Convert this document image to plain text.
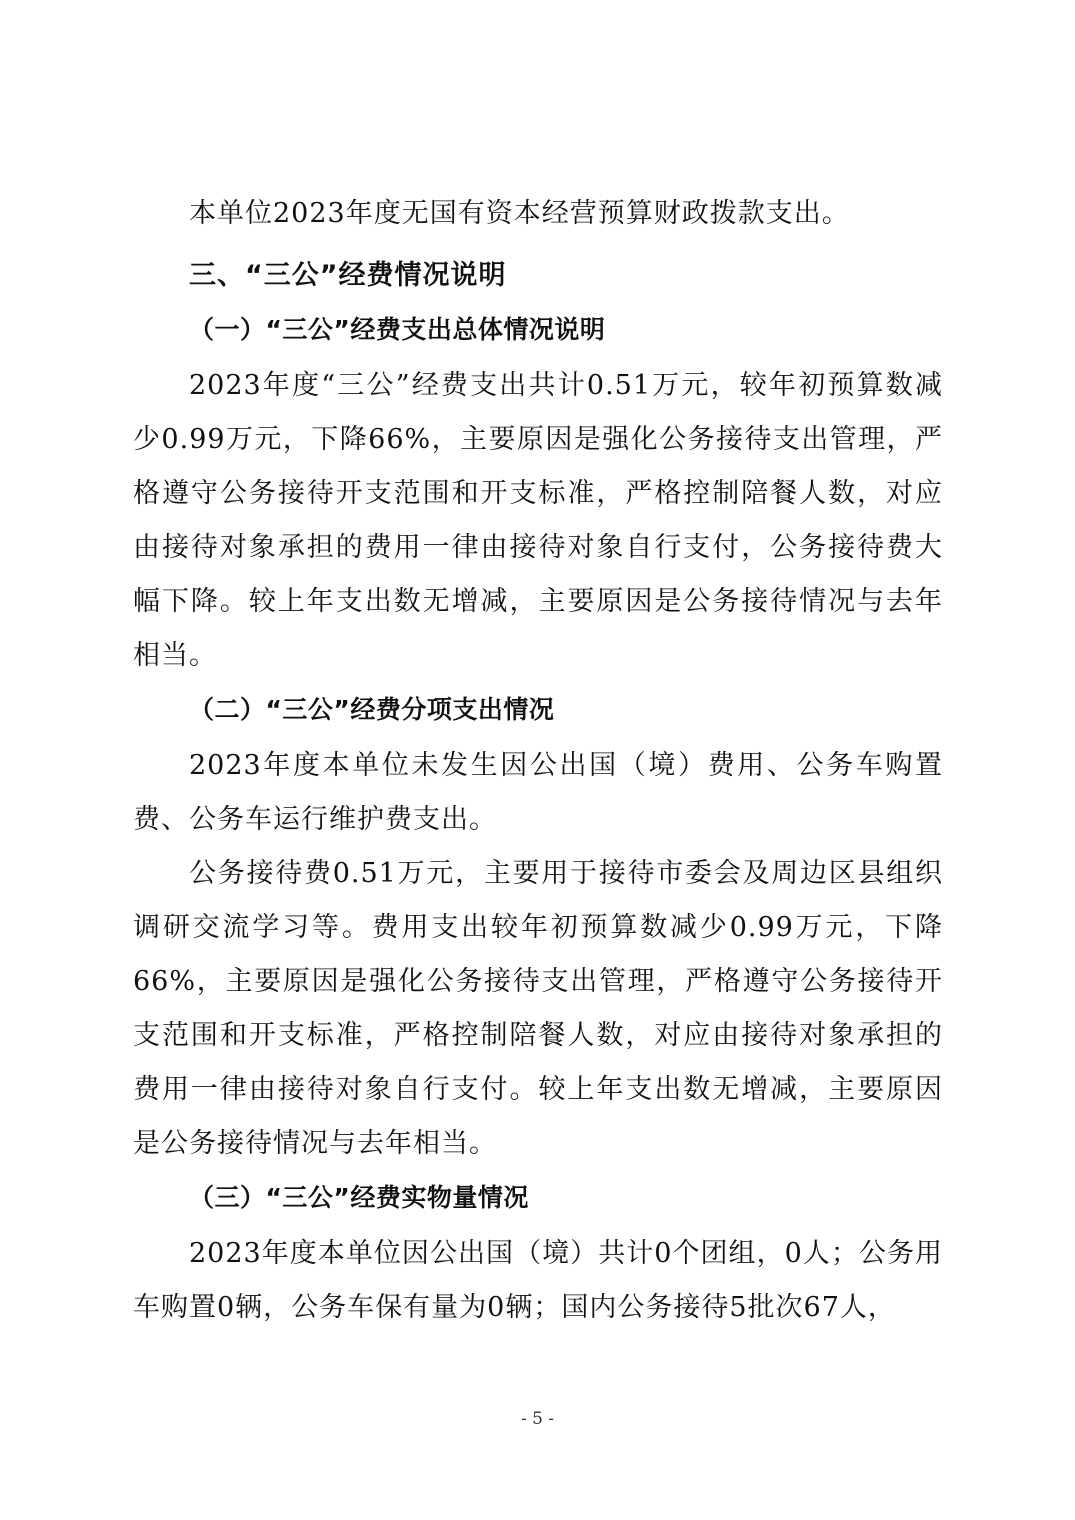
本单位2023年度无国有资本经营预算财政拨款支出。

三、“三公”经费情况说明

（一）“三公”经费支出总体情况说明

2023年度“三公”经费支出共计0.51万元，较年初预算数减少0.99万元，下降66%，主要原因是强化公务接待支出管理，严格遵守公务接待开支范围和开支标准，严格控制陪餐人数，对应由接待对象承担的费用一律由接待对象自行支付，公务接待费大幅下降。较上年支出数无增减，主要原因是公务接待情况与去年相当。

（二）“三公”经费分项支出情况

2023年度本单位未发生因公出国（境）费用、公务车购置费、公务车运行维护费支出。

公务接待费0.51万元，主要用于接待市委会及周边区县组织调研交流学习等。费用支出较年初预算数减少0.99万元，下降66%，主要原因是强化公务接待支出管理，严格遵守公务接待开支范围和开支标准，严格控制陪餐人数，对应由接待对象承担的费用一律由接待对象自行支付。较上年支出数无增减，主要原因是公务接待情况与去年相当。

（三）“三公”经费实物量情况

2023年度本单位因公出国（境）共计0个团组，0人；公务用车购置0辆，公务车保有量为0辆；国内公务接待5批次67人，

- 5 -
